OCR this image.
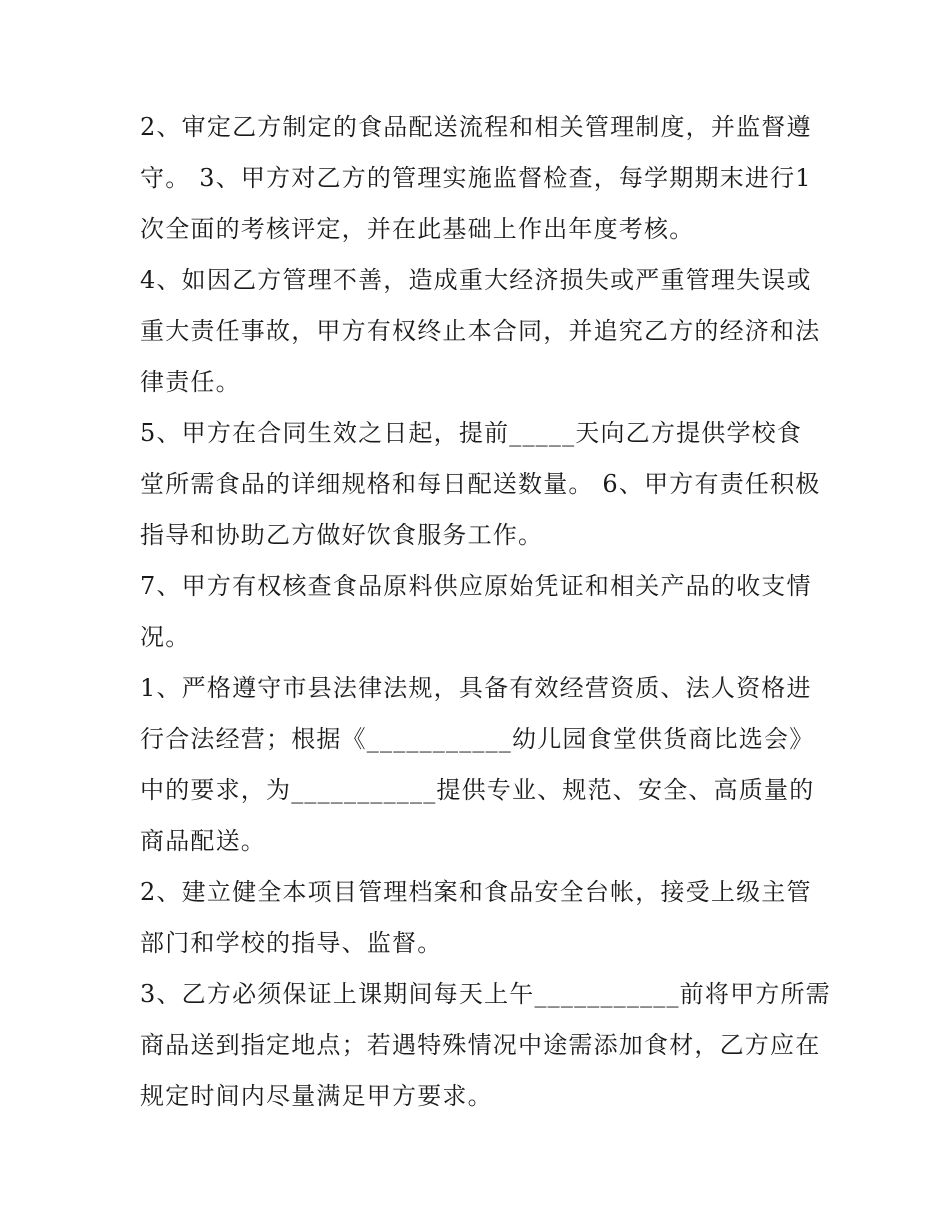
2、审定乙方制定的食品配送流程和相关管理制度，并监督遵
守。 3、甲方对乙方的管理实施监督检查，每学期期末进行1
次全面的考核评定，并在此基础上作出年度考核。
4、如因乙方管理不善，造成重大经济损失或严重管理失误或
重大责任事故，甲方有权终止本合同，并追究乙方的经济和法
律责任。
5、甲方在合同生效之日起，提前_____天向乙方提供学校食
堂所需食品的详细规格和每日配送数量。 6、甲方有责任积极
指导和协助乙方做好饮食服务工作。
7、甲方有权核查食品原料供应原始凭证和相关产品的收支情
况。
1、严格遵守市县法律法规，具备有效经营资质、法人资格进
行合法经营；根据《___________幼儿园食堂供货商比选会》
中的要求，为___________提供专业、规范、安全、高质量的
商品配送。
2、建立健全本项目管理档案和食品安全台帐，接受上级主管
部门和学校的指导、监督。
3、乙方必须保证上课期间每天上午___________前将甲方所需
商品送到指定地点；若遇特殊情况中途需添加食材，乙方应在
规定时间内尽量满足甲方要求。
